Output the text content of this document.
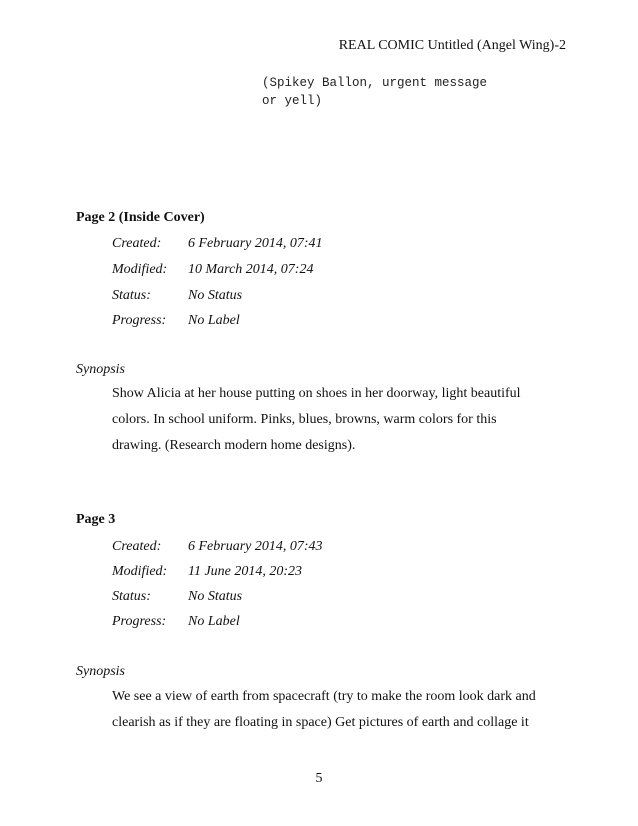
REAL COMIC Untitled (Angel Wing)-2
(Spikey Ballon, urgent message
or yell)
Page 2 (Inside Cover)
Created: 6 February 2014, 07:41
Modified: 10 March 2014, 07:24
Status:	No Status
Progress: No Label
Synopsis
Show Alicia at her house putting on shoes in her doorway, light beautiful
colors. In school uniform. Pinks, blues, browns, warm colors for this
drawing. (Research modern home designs).
Page 3
Created: 6 February 2014, 07:43
Modified: 11 June 2014, 20:23
Status:	No Status
Progress: No Label
Synopsis
We see a view of earth from spacecraft (try to make the room look dark and
clearish as if they are floating in space) Get pictures of earth and collage it
5
